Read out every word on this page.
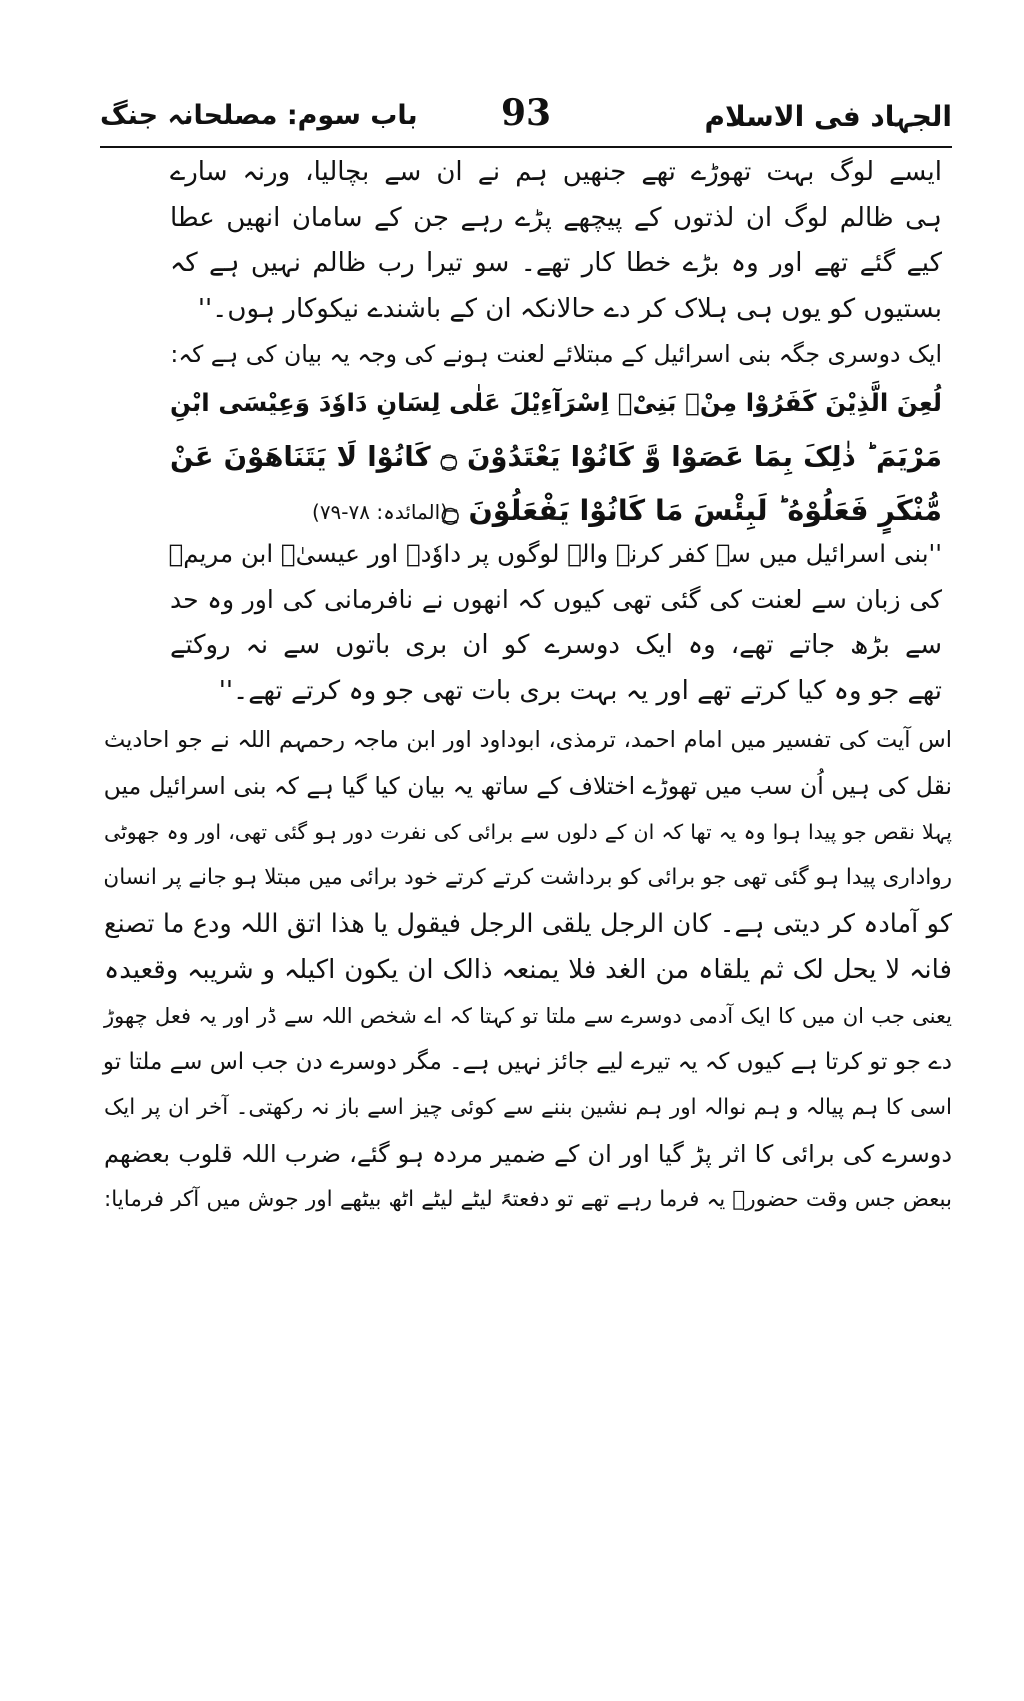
الجہاد فی الاسلام
93
باب سوم: مصلحانہ جنگ
ایسے لوگ بہت تھوڑے تھے جنھیں ہم نے ان سے بچالیا، ورنہ سارے
ہی ظالم لوگ ان لذتوں کے پیچھے پڑے رہے جن کے سامان انھیں عطا
کیے گئے تھے اور وہ بڑے خطا کار تھے۔ سو تیرا رب ظالم نہیں ہے کہ
بستیوں کو یوں ہی ہلاک کر دے حالانکہ ان کے باشندے نیکوکار ہوں۔''
ایک دوسری جگہ بنی اسرائیل کے مبتلائے لعنت ہونے کی وجہ یہ بیان کی ہے کہ:
لُعِنَ الَّذِیْنَ کَفَرُوْا مِنْۢ بَنِیْۤ اِسْرَآءِیْلَ عَلٰی لِسَانِ دَاوٗدَ وَعِیْسَی ابْنِ
مَرْیَمَ ؕ ذٰلِکَ بِمَا عَصَوْا وَّ کَانُوْا یَعْتَدُوْنَ ۝ کَانُوْا لَا یَتَنَاهَوْنَ عَنْ
مُّنْکَرٍ فَعَلُوْهُ ؕ لَبِئْسَ مَا کَانُوْا یَفْعَلُوْنَ ۝
(المائدہ: ۷۸-۷۹)
''بنی اسرائیل میں سے کفر کرنے والے لوگوں پر داوٗدؑ اور عیسیٰؑ ابن مریمؑ
کی زبان سے لعنت کی گئی تھی کیوں کہ انھوں نے نافرمانی کی اور وہ حد
سے بڑھ جاتے تھے، وہ ایک دوسرے کو ان بری باتوں سے نہ روکتے
تھے جو وہ کیا کرتے تھے اور یہ بہت بری بات تھی جو وہ کرتے تھے۔''
اس آیت کی تفسیر میں امام احمد، ترمذی، ابوداود اور ابن ماجہ رحمہم اللہ نے جو احادیث
نقل کی ہیں اُن سب میں تھوڑے اختلاف کے ساتھ یہ بیان کیا گیا ہے کہ بنی اسرائیل میں
پہلا نقص جو پیدا ہوا وہ یہ تھا کہ ان کے دلوں سے برائی کی نفرت دور ہو گئی تھی، اور وہ جھوٹی
رواداری پیدا ہو گئی تھی جو برائی کو برداشت کرتے کرتے خود برائی میں مبتلا ہو جانے پر انسان
کو آمادہ کر دیتی ہے۔ کان الرجل یلقی الرجل فیقول یا ھذا اتق اللہ ودع ما تصنع
فانہ لا یحل لک ثم یلقاہ من الغد فلا یمنعہ ذالک ان یکون اکیلہ و شریبہ وقعیدہ
یعنی جب ان میں کا ایک آدمی دوسرے سے ملتا تو کہتا کہ اے شخص اللہ سے ڈر اور یہ فعل چھوڑ
دے جو تو کرتا ہے کیوں کہ یہ تیرے لیے جائز نہیں ہے۔ مگر دوسرے دن جب اس سے ملتا تو
اسی کا ہم پیالہ و ہم نوالہ اور ہم نشین بننے سے کوئی چیز اسے باز نہ رکھتی۔ آخر ان پر ایک
دوسرے کی برائی کا اثر پڑ گیا اور ان کے ضمیر مردہ ہو گئے، ضرب اللہ قلوب بعضھم
ببعض جس وقت حضورؐ یہ فرما رہے تھے تو دفعتہً لیٹے لیٹے اٹھ بیٹھے اور جوش میں آکر فرمایا:
